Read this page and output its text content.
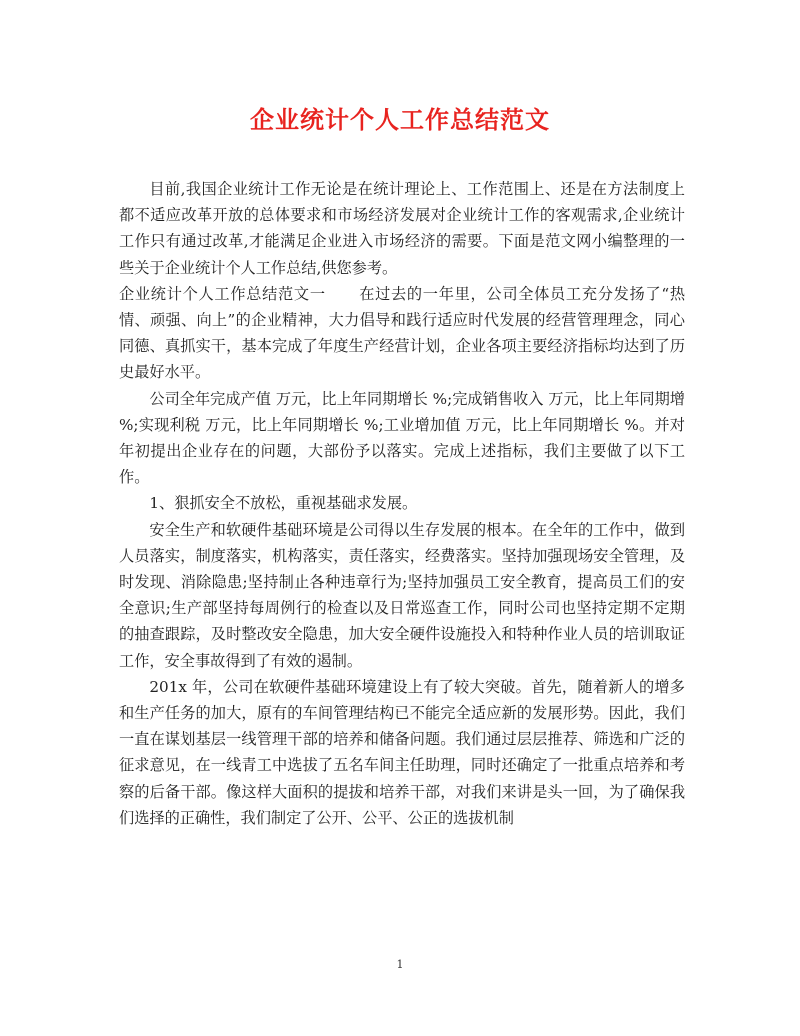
企业统计个人工作总结范文

目前,我国企业统计工作无论是在统计理论上、工作范围上、还是在方法制度上都不适应改革开放的总体要求和市场经济发展对企业统计工作的客观需求,企业统计工作只有通过改革,才能满足企业进入市场经济的需要。下面是范文网小编整理的一些关于企业统计个人工作总结,供您参考。

企业统计个人工作总结范文一 在过去的一年里，公司全体员工充分发扬了“热情、顽强、向上”的企业精神，大力倡导和践行适应时代发展的经营管理理念，同心同德、真抓实干，基本完成了年度生产经营计划，企业各项主要经济指标均达到了历史最好水平。

公司全年完成产值 万元，比上年同期增长 %;完成销售收入 万元，比上年同期增 %;实现利税 万元，比上年同期增长 %;工业增加值 万元，比上年同期增长 %。并对年初提出企业存在的问题，大部份予以落实。完成上述指标，我们主要做了以下工作。

1、狠抓安全不放松，重视基础求发展。

安全生产和软硬件基础环境是公司得以生存发展的根本。在全年的工作中，做到人员落实，制度落实，机构落实，责任落实，经费落实。坚持加强现场安全管理，及时发现、消除隐患;坚持制止各种违章行为;坚持加强员工安全教育，提高员工们的安全意识;生产部坚持每周例行的检查以及日常巡查工作，同时公司也坚持定期不定期的抽查跟踪，及时整改安全隐患，加大安全硬件设施投入和特种作业人员的培训取证工作，安全事故得到了有效的遏制。

201x 年，公司在软硬件基础环境建设上有了较大突破。首先，随着新人的增多和生产任务的加大，原有的车间管理结构已不能完全适应新的发展形势。因此，我们一直在谋划基层一线管理干部的培养和储备问题。我们通过层层推荐、筛选和广泛的征求意见，在一线青工中选拔了五名车间主任助理，同时还确定了一批重点培养和考察的后备干部。像这样大面积的提拔和培养干部，对我们来讲是头一回，为了确保我们选择的正确性，我们制定了公开、公平、公正的选拔机制

1
